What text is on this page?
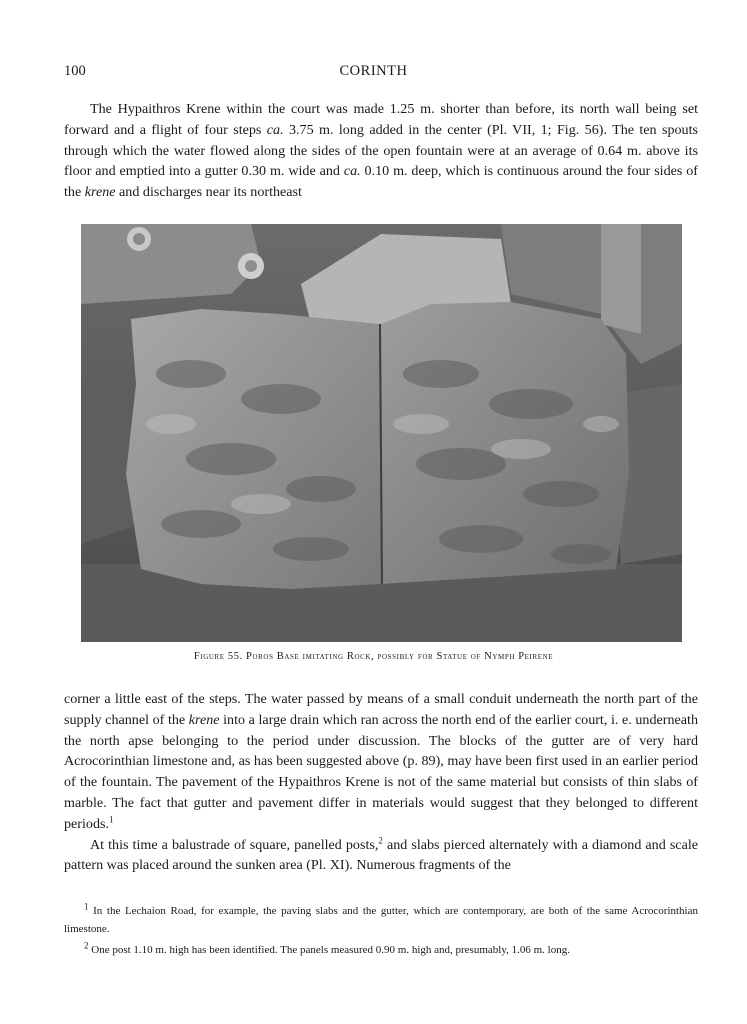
100	CORINTH

The Hypaithros Krene within the court was made 1.25 m. shorter than before, its north wall being set forward and a flight of four steps ca. 3.75 m. long added in the center (Pl. VII, 1; Fig. 56). The ten spouts through which the water flowed along the sides of the open fountain were at an average of 0.64 m. above its floor and emptied into a gutter 0.30 m. wide and ca. 0.10 m. deep, which is continuous around the four sides of the krene and discharges near its northeast

Figure 55. Poros Base imitating Rock, possibly for Statue of Nymph Peirene

corner a little east of the steps. The water passed by means of a small conduit underneath the north part of the supply channel of the krene into a large drain which ran across the north end of the earlier court, i. e. underneath the north apse belonging to the period under discussion. The blocks of the gutter are of very hard Acrocorinthian limestone and, as has been suggested above (p. 89), may have been first used in an earlier period of the fountain. The pavement of the Hypaithros Krene is not of the same material but consists of thin slabs of marble. The fact that gutter and pavement differ in materials would suggest that they belonged to different periods.$^1$

At this time a balustrade of square, panelled posts,$^2$ and slabs pierced alternately with a diamond and scale pattern was placed around the sunken area (Pl. XI). Numerous fragments of the

$^1$ In the Lechaion Road, for example, the paving slabs and the gutter, which are contemporary, are both of the same Acrocorinthian limestone.

$^2$ One post 1.10 m. high has been identified. The panels measured 0.90 m. high and, presumably, 1.06 m. long.
